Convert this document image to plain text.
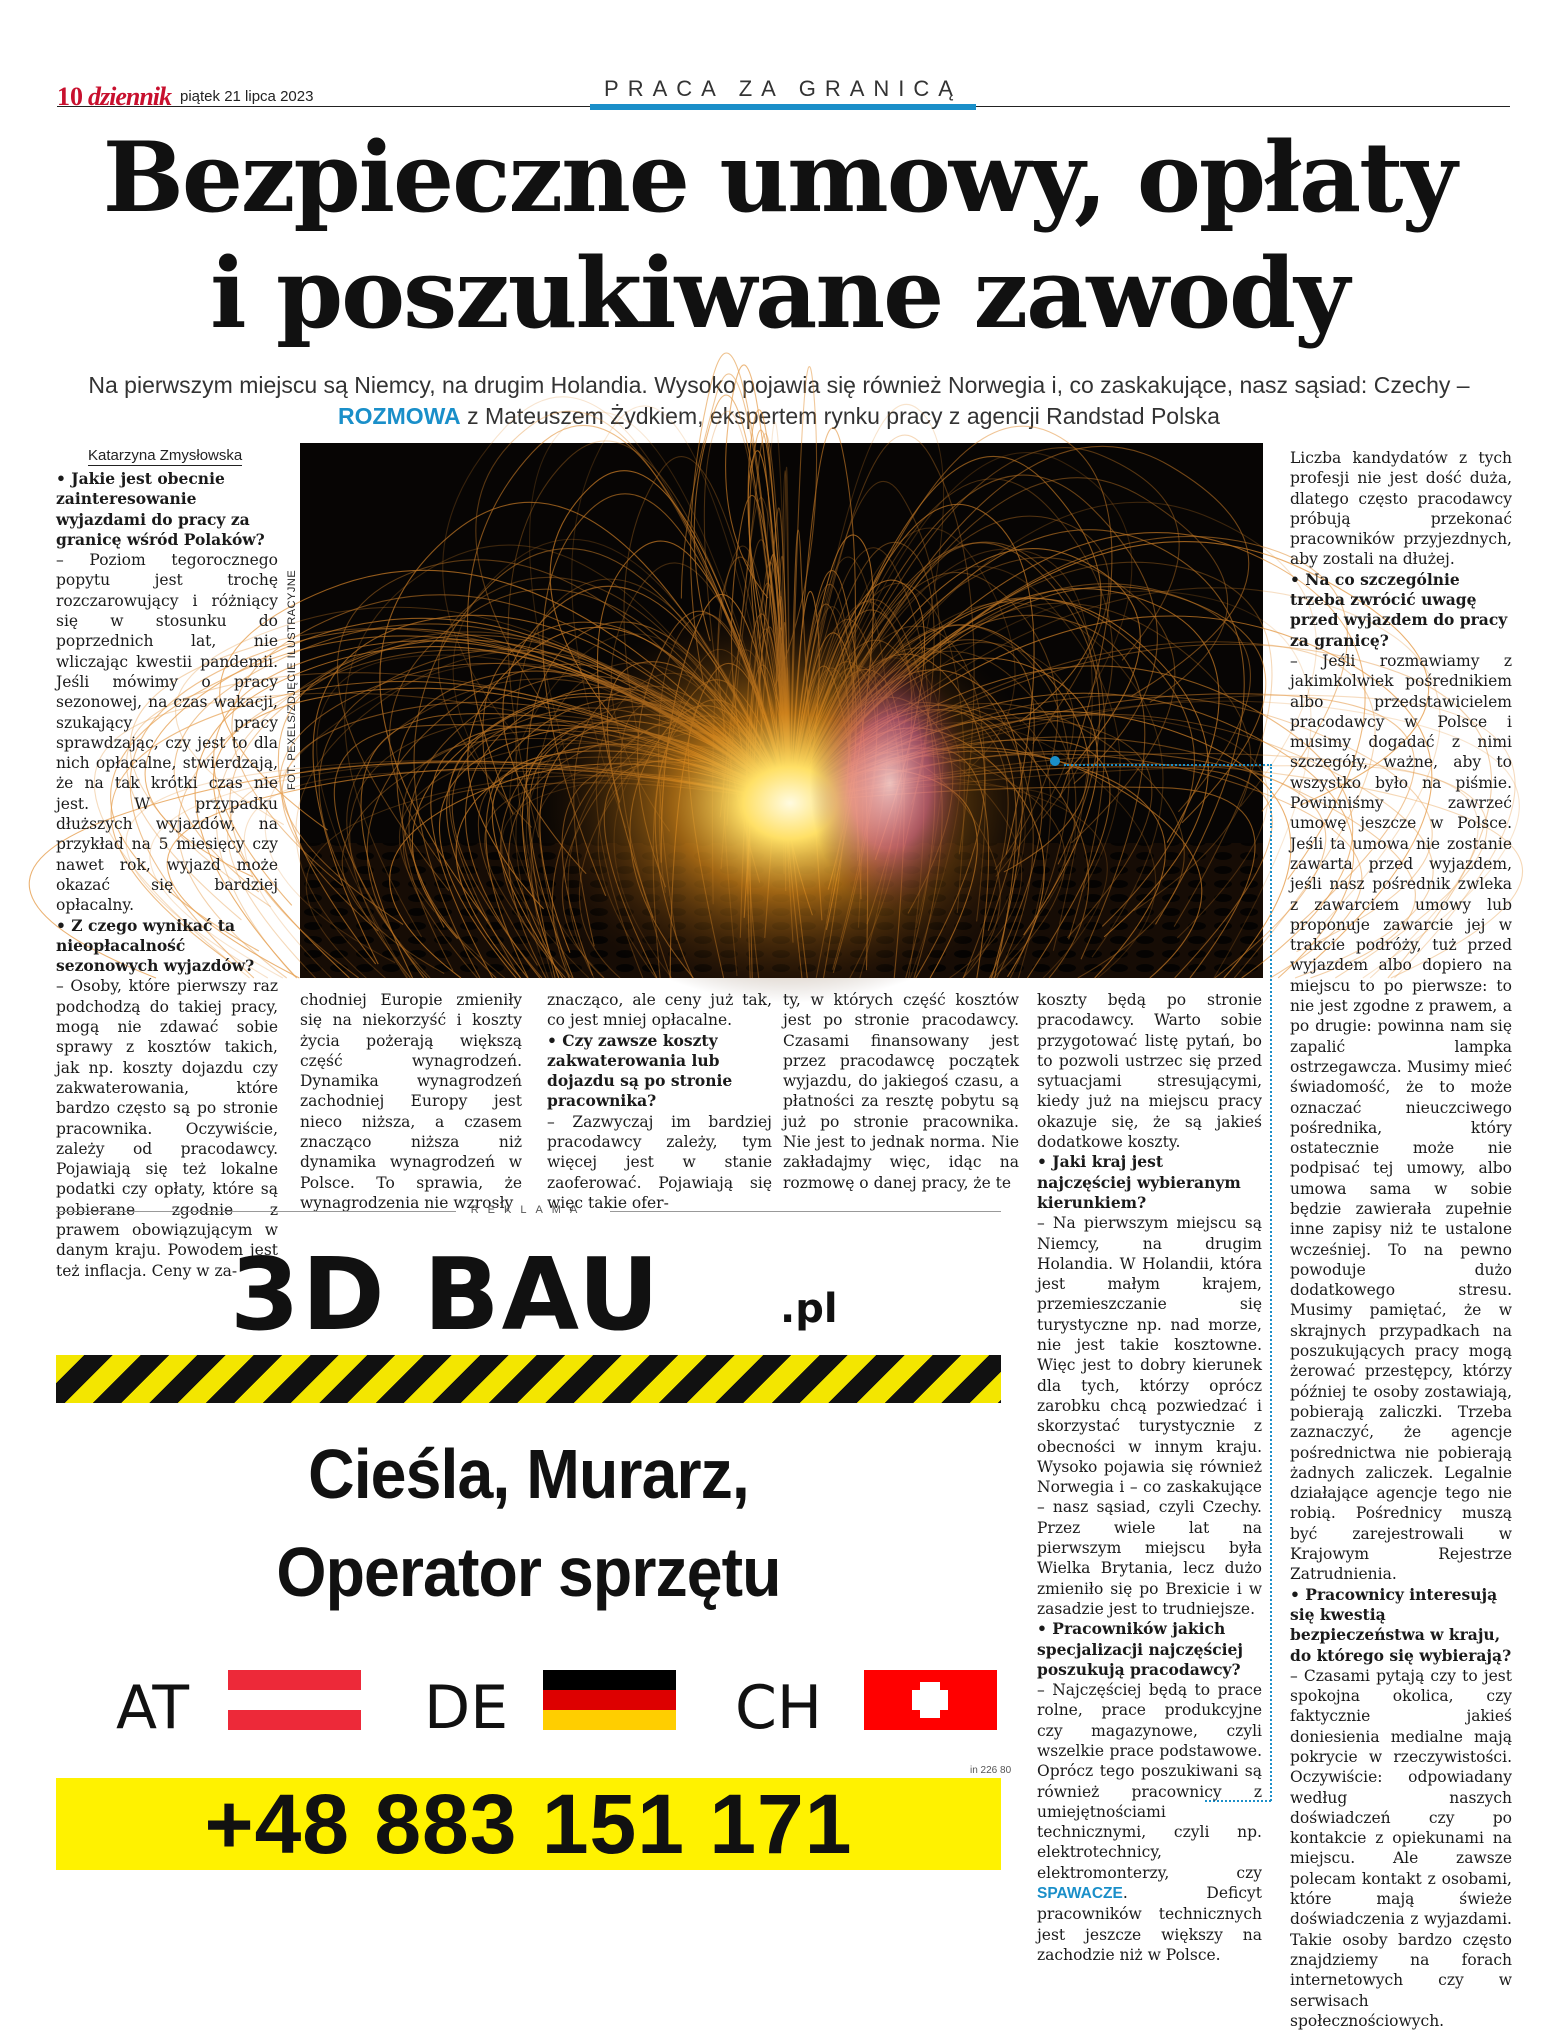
10 dziennik piątek 21 lipca 2023	PRACA ZA GRANICĄ
Bezpieczne umowy, opłaty
i poszukiwane zawody
Na pierwszym miejscu są Niemcy, na drugim Holandia. Wysoko pojawia się również Norwegia i, co zaskakujące, nasz sąsiad: Czechy – ROZMOWA z Mateuszem Żydkiem, ekspertem rynku pracy z agencji Randstad Polska
Katarzyna Zmysłowska
FOT. PEXELS/ZDJĘCIE ILUSTRACYJNE

• Jakie jest obecnie zainteresowanie wyjazdami do pracy za granicę wśród Polaków?

– Poziom tegorocznego popytu jest trochę rozczarowujący i różniący się w stosunku do poprzednich lat, nie wliczając kwestii pandemii. Jeśli mówimy o pracy sezonowej, na czas wakacji, szukający pracy sprawdzając, czy jest to dla nich opłacalne, stwierdzają, że na tak krótki czas nie jest. W przypadku dłuższych wyjazdów, na przykład na 5 miesięcy czy nawet rok, wyjazd może okazać się bardziej opłacalny.

• Z czego wynikać ta nieopłacalność sezonowych wyjazdów?

– Osoby, które pierwszy raz podchodzą do takiej pracy, mogą nie zdawać sobie sprawy z kosztów takich, jak np. koszty dojazdu czy zakwaterowania, które bardzo często są po stronie pracownika. Oczywiście, zależy od pracodawcy. Pojawiają się też lokalne podatki czy opłaty, które są pobierane zgodnie z prawem obowiązującym w danym kraju. Powodem jest też inflacja. Ceny w za-

chodniej Europie zmieniły się na niekorzyść i koszty życia pożerają większą część wynagrodzeń. Dynamika wynagrodzeń zachodniej Europy jest nieco niższa, a czasem znacząco niższa niż dynamika wynagrodzeń w Polsce. To sprawia, że wynagrodzenia nie wzrosły

znacząco, ale ceny już tak, co jest mniej opłacalne.

• Czy zawsze koszty zakwaterowania lub dojazdu są po stronie pracownika?

– Zazwyczaj im bardziej pracodawcy zależy, tym więcej jest w stanie zaoferować. Pojawiają się więc takie ofer-

ty, w których część kosztów jest po stronie pracodawcy. Czasami finansowany jest przez pracodawcę początek wyjazdu, do jakiegoś czasu, a płatności za resztę pobytu są już po stronie pracownika. Nie jest to jednak norma. Nie zakładajmy więc, idąc na rozmowę o danej pracy, że te

koszty będą po stronie pracodawcy. Warto sobie przygotować listę pytań, bo to pozwoli ustrzec się przed sytuacjami stresującymi, kiedy już na miejscu pracy okazuje się, że są jakieś dodatkowe koszty.

• Jaki kraj jest najczęściej wybieranym kierunkiem?

– Na pierwszym miejscu są Niemcy, na drugim Holandia. W Holandii, która jest małym krajem, przemieszczanie się turystyczne np. nad morze, nie jest takie kosztowne. Więc jest to dobry kierunek dla tych, którzy oprócz zarobku chcą pozwiedzać i skorzystać turystycznie z obecności w innym kraju. Wysoko pojawia się również Norwegia i – co zaskakujące – nasz sąsiad, czyli Czechy. Przez wiele lat na pierwszym miejscu była Wielka Brytania, lecz dużo zmieniło się po Brexicie i w zasadzie jest to trudniejsze.

• Pracowników jakich specjalizacji najczęściej poszukują pracodawcy?

– Najczęściej będą to prace rolne, prace produkcyjne czy magazynowe, czyli wszelkie prace podstawowe. Oprócz tego poszukiwani są również pracownicy z umiejętnościami technicznymi, czyli np. elektrotechnicy, elektromonterzy, czy SPAWACZE. Deficyt pracowników technicznych jest jeszcze większy na zachodzie niż w Polsce.

Liczba kandydatów z tych profesji nie jest dość duża, dlatego często pracodawcy próbują przekonać pracowników przyjezdnych, aby zostali na dłużej.

• Na co szczególnie trzeba zwrócić uwagę przed wyjazdem do pracy za granicę?

– Jeśli rozmawiamy z jakimkolwiek pośrednikiem albo przedstawicielem pracodawcy w Polsce i musimy dogadać z nimi szczegóły, ważne, aby to wszystko było na piśmie. Powinniśmy zawrzeć umowę jeszcze w Polsce. Jeśli ta umowa nie zostanie zawarta przed wyjazdem, jeśli nasz pośrednik zwleka z zawarciem umowy lub proponuje zawarcie jej w trakcie podróży, tuż przed wyjazdem albo dopiero na miejscu to po pierwsze: to nie jest zgodne z prawem, a po drugie: powinna nam się zapalić lampka ostrzegawcza. Musimy mieć świadomość, że to może oznaczać nieuczciwego pośrednika, który ostatecznie może nie podpisać tej umowy, albo umowa sama w sobie będzie zawierała zupełnie inne zapisy niż te ustalone wcześniej. To na pewno powoduje dużo dodatkowego stresu. Musimy pamiętać, że w skrajnych przypadkach na poszukujących pracy mogą żerować przestępcy, którzy później te osoby zostawiają, pobierają zaliczki. Trzeba zaznaczyć, że agencje pośrednictwa nie pobierają żadnych zaliczek. Legalnie działające agencje tego nie robią. Pośrednicy muszą być zarejestrowali w Krajowym Rejestrze Zatrudnienia.

• Pracownicy interesują się kwestią bezpieczeństwa w kraju, do którego się wybierają?

– Czasami pytają czy to jest spokojna okolica, czy faktycznie jakieś doniesienia medialne mają pokrycie w rzeczywistości. Oczywiście: odpowiadany według naszych doświadczeń czy po kontakcie z opiekunami na miejscu. Ale zawsze polecam kontakt z osobami, które mają świeże doświadczenia z wyjazdami. Takie osoby bardzo często znajdziemy na forach internetowych czy w serwisach społecznościowych.

REKLAMA
3D BAU	.pl
Cieśla, Murarz,
Operator sprzętu
AT	DE	CH
in 226 80
+48 883 151 171
